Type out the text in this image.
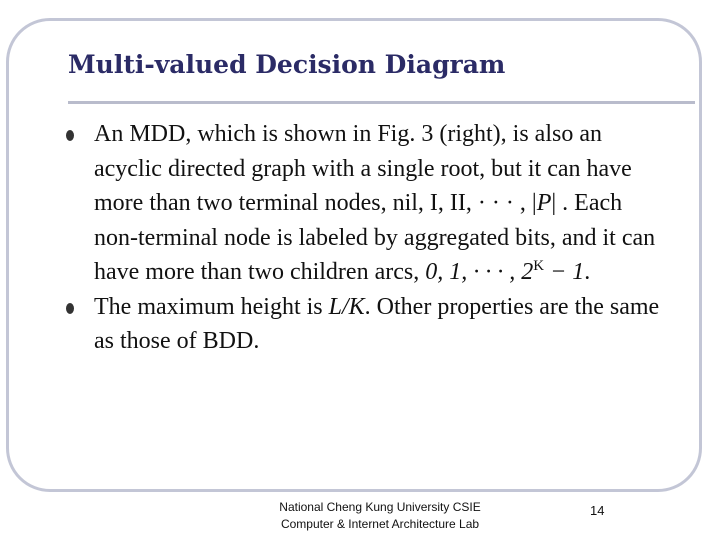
Multi-valued Decision Diagram
An MDD, which is shown in Fig. 3 (right), is also an acyclic directed graph with a single root, but it can have more than two terminal nodes, nil, I, II, · · · , |P| . Each non-terminal node is labeled by aggregated bits, and it can have more than two children arcs, 0, 1, · · · , $2^K - 1$.
The maximum height is L/K. Other properties are the same as those of BDD.
National Cheng Kung University CSIE
Computer & Internet Architecture Lab
14
